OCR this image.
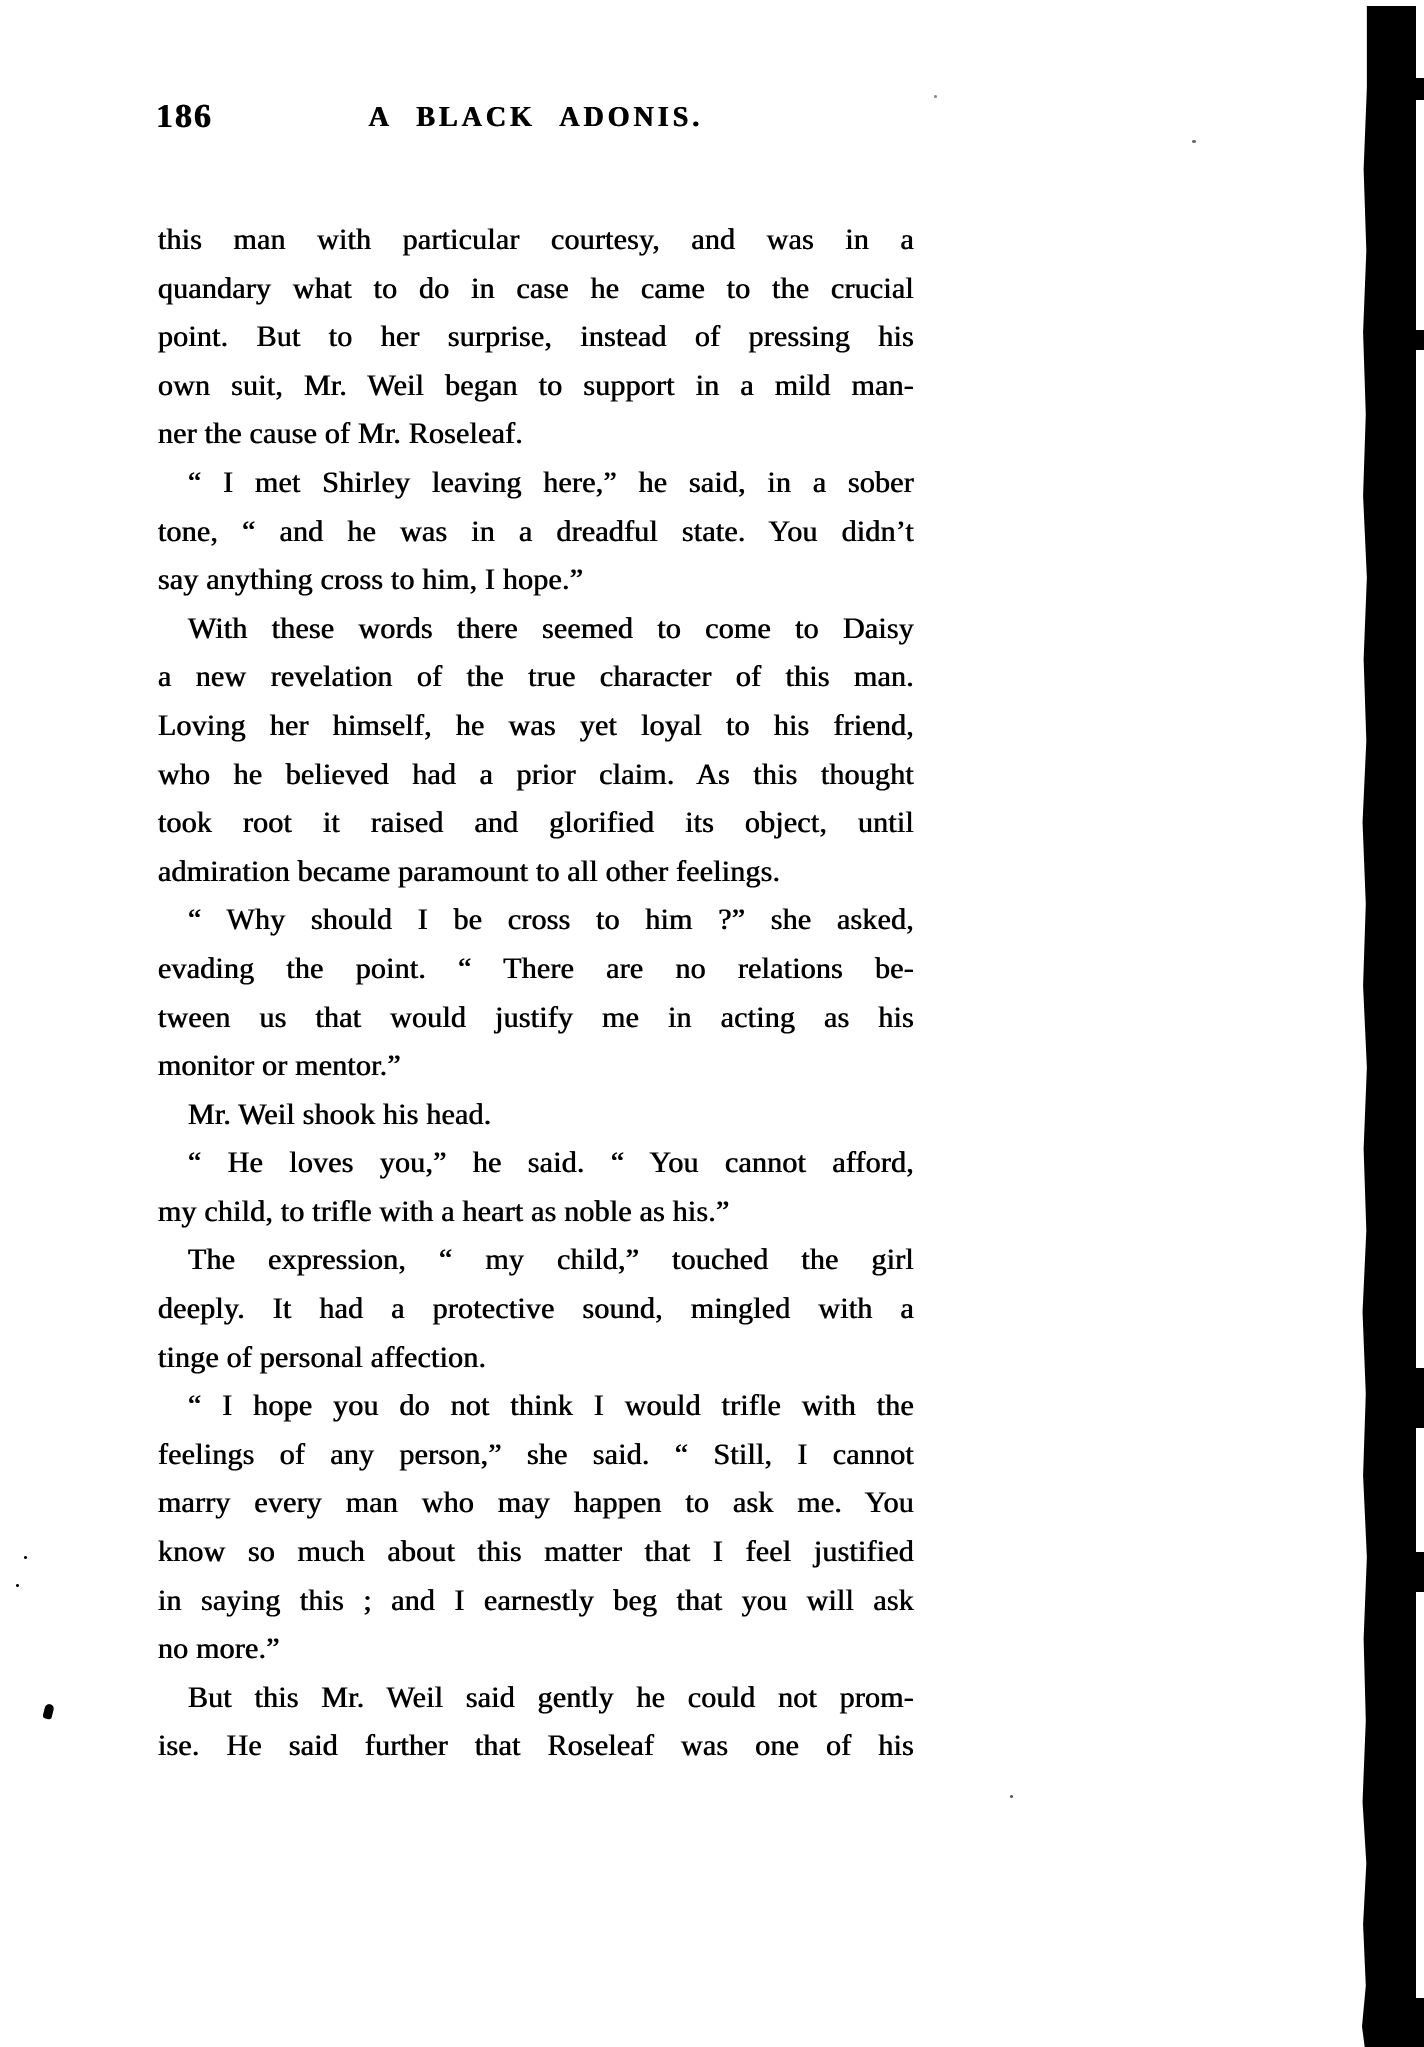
186	A BLACK ADONIS.
this man with particular courtesy, and was in a
quandary what to do in case he came to the crucial
point. But to her surprise, instead of pressing his
own suit, Mr. Weil began to support in a mild man-
ner the cause of Mr. Roseleaf.
“ I met Shirley leaving here,” he said, in a sober
tone, “ and he was in a dreadful state. You didn’t
say anything cross to him, I hope.”
With these words there seemed to come to Daisy
a new revelation of the true character of this man.
Loving her himself, he was yet loyal to his friend,
who he believed had a prior claim. As this thought
took root it raised and glorified its object, until
admiration became paramount to all other feelings.
“ Why should I be cross to him ?” she asked,
evading the point. “ There are no relations be-
tween us that would justify me in acting as his
monitor or mentor.”
Mr. Weil shook his head.
“ He loves you,” he said. “ You cannot afford,
my child, to trifle with a heart as noble as his.”
The expression, “ my child,” touched the girl
deeply. It had a protective sound, mingled with a
tinge of personal affection.
“ I hope you do not think I would trifle with the
feelings of any person,” she said. “ Still, I cannot
marry every man who may happen to ask me. You
know so much about this matter that I feel justified
in saying this ; and I earnestly beg that you will ask
no more.”
But this Mr. Weil said gently he could not prom-
ise. He said further that Roseleaf was one of his
